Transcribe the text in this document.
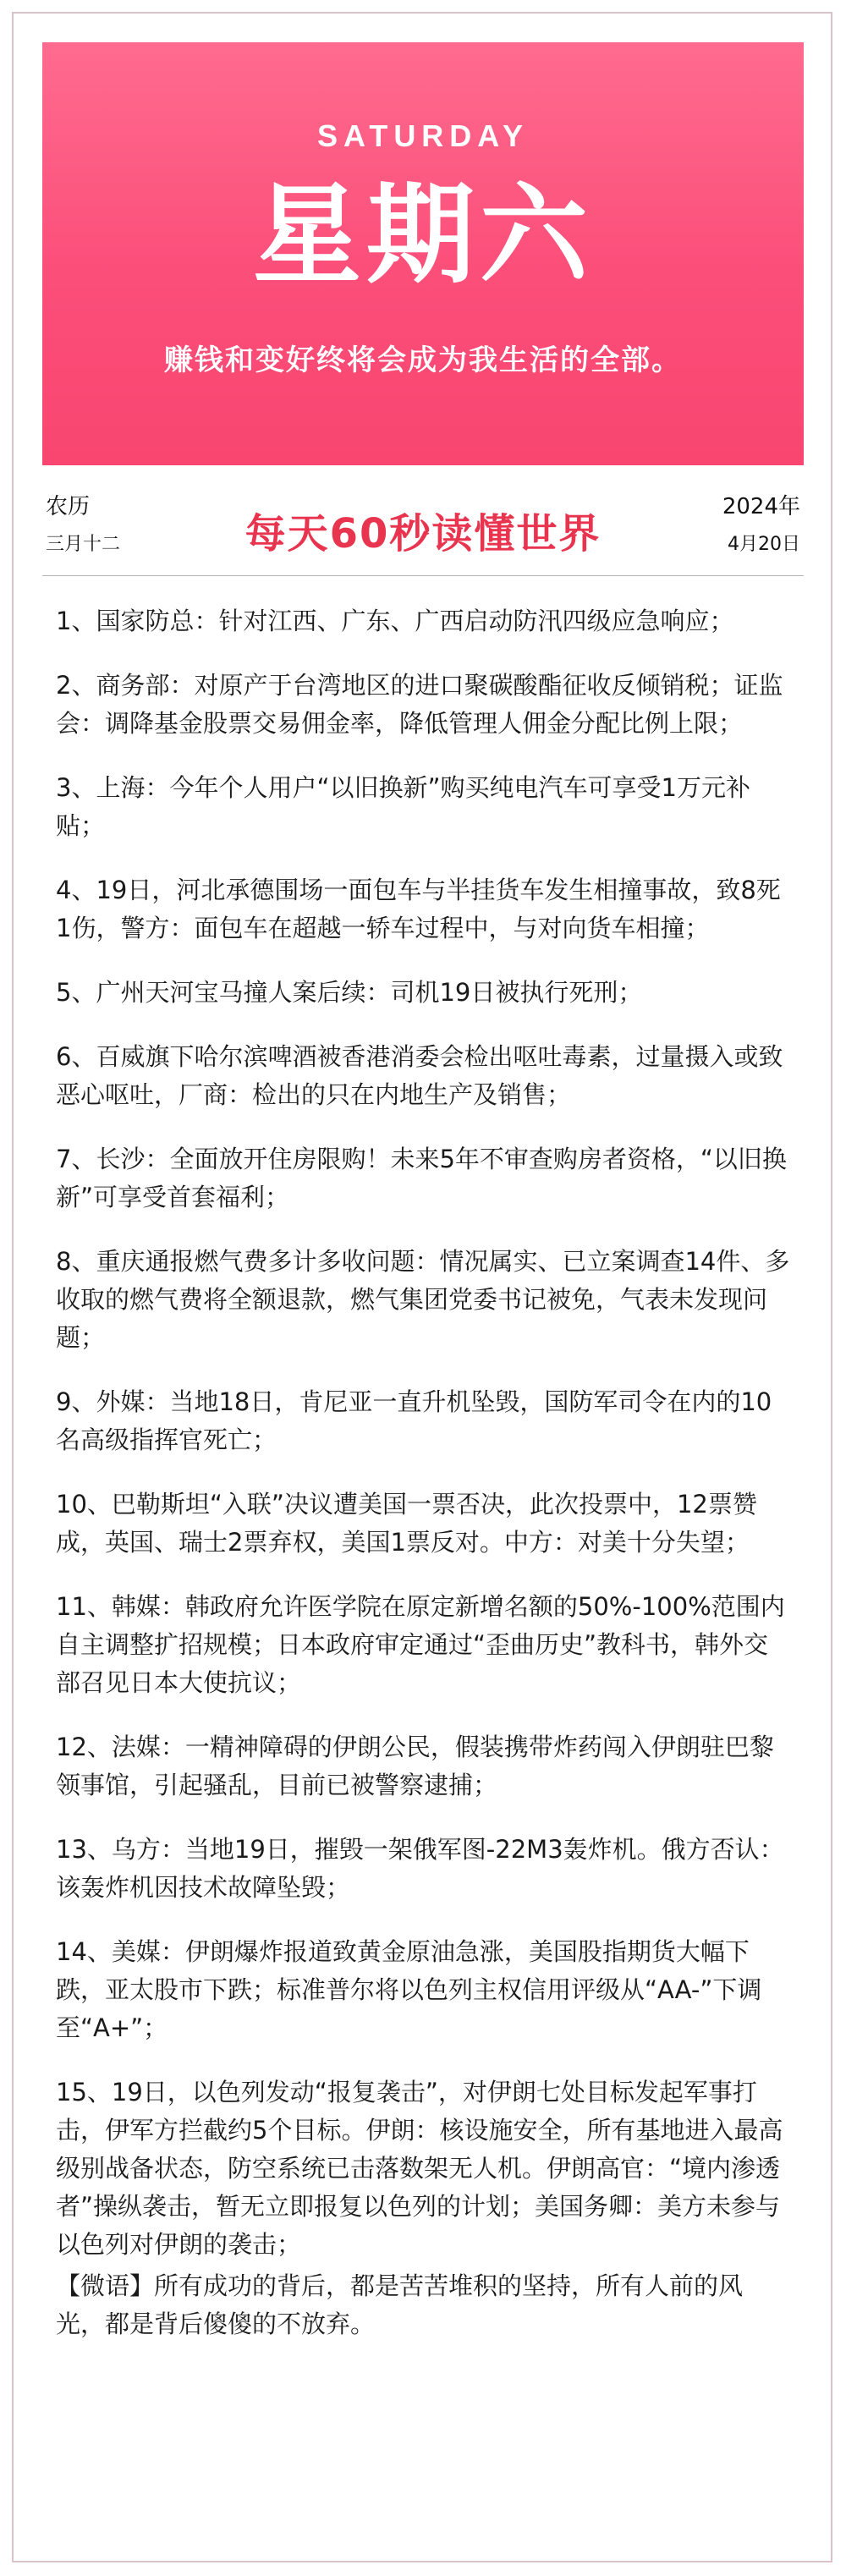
SATURDAY
星期六
赚钱和变好终将会成为我生活的全部。
农历
三月十二	每天60秒读懂世界
2024年
4月20日

1、国家防总：针对江西、广东、广西启动防汛四级应急响应；

2、商务部：对原产于台湾地区的进口聚碳酸酯征收反倾销税；证监会：调降基金股票交易佣金率，降低管理人佣金分配比例上限；

3、上海：今年个人用户“以旧换新”购买纯电汽车可享受1万元补贴；

4、19日，河北承德围场一面包车与半挂货车发生相撞事故，致8死1伤，警方：面包车在超越一轿车过程中，与对向货车相撞；

5、广州天河宝马撞人案后续：司机19日被执行死刑；

6、百威旗下哈尔滨啤酒被香港消委会检出呕吐毒素，过量摄入或致恶心呕吐，厂商：检出的只在内地生产及销售；

7、长沙：全面放开住房限购！未来5年不审查购房者资格，“以旧换新”可享受首套福利；

8、重庆通报燃气费多计多收问题：情况属实、已立案调查14件、多收取的燃气费将全额退款，燃气集团党委书记被免，气表未发现问题；

9、外媒：当地18日，肯尼亚一直升机坠毁，国防军司令在内的10名高级指挥官死亡；

10、巴勒斯坦“入联”决议遭美国一票否决，此次投票中，12票赞成，英国、瑞士2票弃权，美国1票反对。中方：对美十分失望；

11、韩媒：韩政府允许医学院在原定新增名额的50%-100%范围内自主调整扩招规模；日本政府审定通过“歪曲历史”教科书，韩外交部召见日本大使抗议；

12、法媒：一精神障碍的伊朗公民，假装携带炸药闯入伊朗驻巴黎领事馆，引起骚乱，目前已被警察逮捕；

13、乌方：当地19日，摧毁一架俄军图-22M3轰炸机。俄方否认：该轰炸机因技术故障坠毁；

14、美媒：伊朗爆炸报道致黄金原油急涨，美国股指期货大幅下跌，亚太股市下跌；标准普尔将以色列主权信用评级从“AA-”下调至“A+”；

15、19日，以色列发动“报复袭击”，对伊朗七处目标发起军事打击，伊军方拦截约5个目标。伊朗：核设施安全，所有基地进入最高级别战备状态，防空系统已击落数架无人机。伊朗高官：“境内渗透者”操纵袭击，暂无立即报复以色列的计划；美国务卿：美方未参与以色列对伊朗的袭击；

【微语】所有成功的背后，都是苦苦堆积的坚持，所有人前的风光，都是背后傻傻的不放弃。
